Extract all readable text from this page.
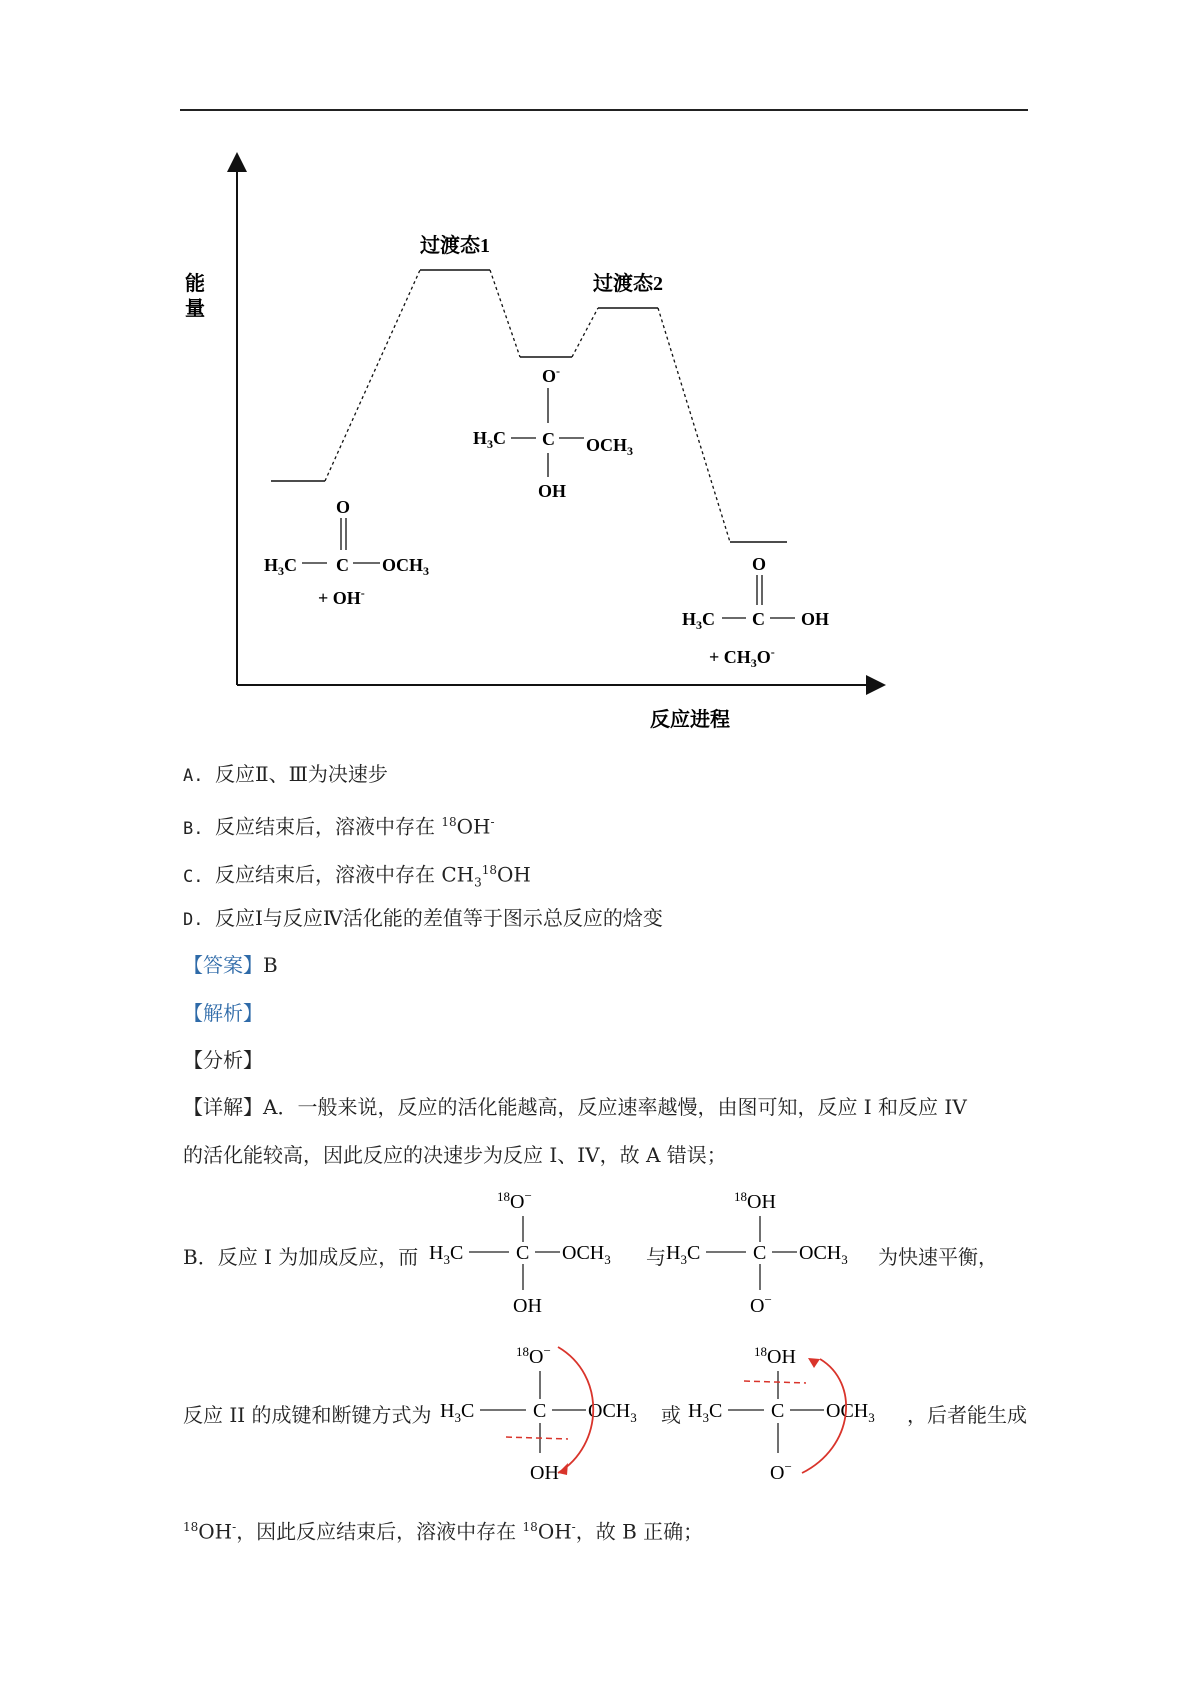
能
量
反应进程
过渡态1
过渡态2
O
$H_3C$ C $OCH_3$
+ OH-
O-
$H_3C$ C $OCH_3$
OH
O
$H_3C$ C OH
+ $CH_3O^-$
A. 反应Ⅱ、Ⅲ为决速步
B. 反应结束后，溶液中存在 $^{18}$OH-
C. 反应结束后，溶液中存在 $CH_3^{18}OH$
D. 反应Ⅰ与反应Ⅳ活化能的差值等于图示总反应的焓变
【答案】B
【解析】
【分析】
【详解】A．一般来说，反应的活化能越高，反应速率越慢，由图可知，反应 I 和反应 IV
的活化能较高，因此反应的决速步为反应 I、IV，故 A 错误；
B．反应 I 为加成反应，而
$^{18}$O−
$H_3C$	C $OCH_3$
OH
与
$^{18}$OH
$H_3C$	C $OCH_3$
O−
为快速平衡，
反应 II 的成键和断键方式为
$^{18}$O−
$H_3C$	C $OCH_3$
OH
或
$^{18}$OH
$H_3C$ C $OCH_3$
O−
，后者能生成
$^{18}$OH-，因此反应结束后，溶液中存在 $^{18}$OH-，故 B 正确；
